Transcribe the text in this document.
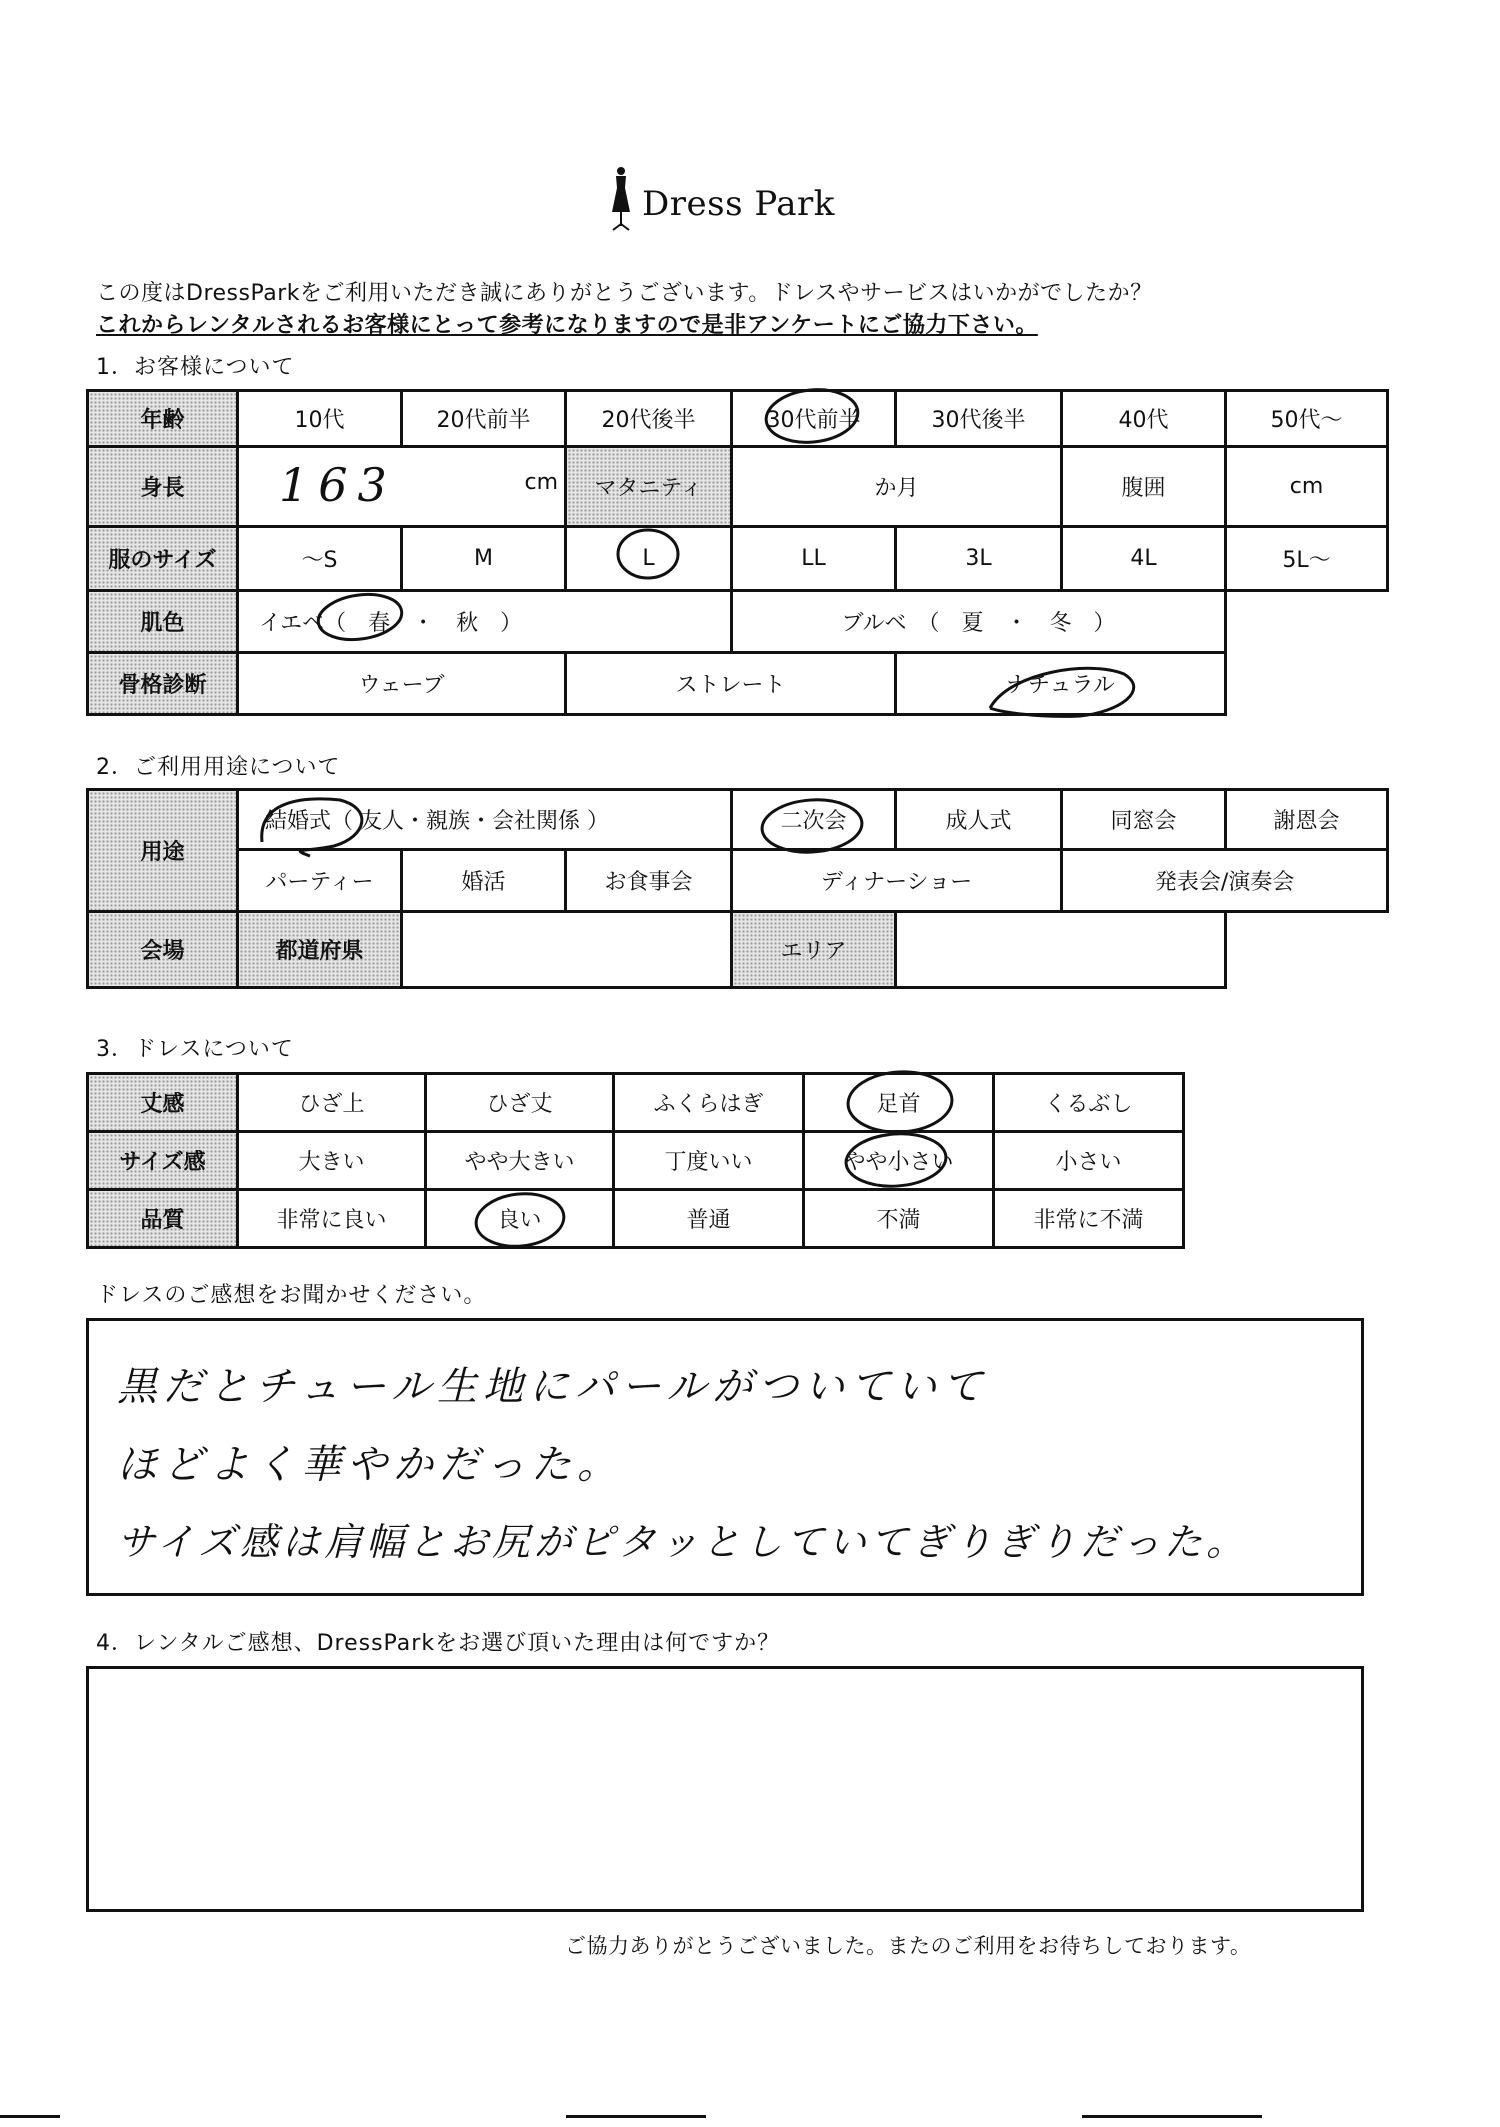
Dress Park
この度はDressParkをご利用いただき誠にありがとうございます。ドレスやサービスはいかがでしたか？
これからレンタルされるお客様にとって参考になりますので是非アンケートにご協力下さい。
1．お客様について
年齢	10代	20代前半	20代後半	30代前半	30代後半	40代	50代～
身長	163 cm		マタニティ	か月		腹囲	cm
服のサイズ	～S	M	L	LL	3L	4L	5L～
肌色	イエベ（　春　・　秋　）			ブルベ　（　夏　・　冬　）			
骨格診断	ウェーブ		ストレート		ナチュラル		
2．ご利用用途について
用途	結婚式（ 友人・親族・会社関係 ）			二次会	成人式	同窓会	謝恩会
	パーティー	婚活	お食事会	ディナーショー		発表会/演奏会	
会場	都道府県			エリア			
3．ドレスについて
丈感	ひざ上	ひざ丈	ふくらはぎ	足首	くるぶし
サイズ感	大きい	やや大きい	丁度いい	やや小さい	小さい
品質	非常に良い	良い	普通	不満	非常に不満
ドレスのご感想をお聞かせください。
黒だとチュール生地にパールがついていて
ほどよく華やかだった。
サイズ感は肩幅とお尻がピタッとしていてぎりぎりだった。
4．レンタルご感想、DressParkをお選び頂いた理由は何ですか？
ご協力ありがとうございました。またのご利用をお待ちしております。
